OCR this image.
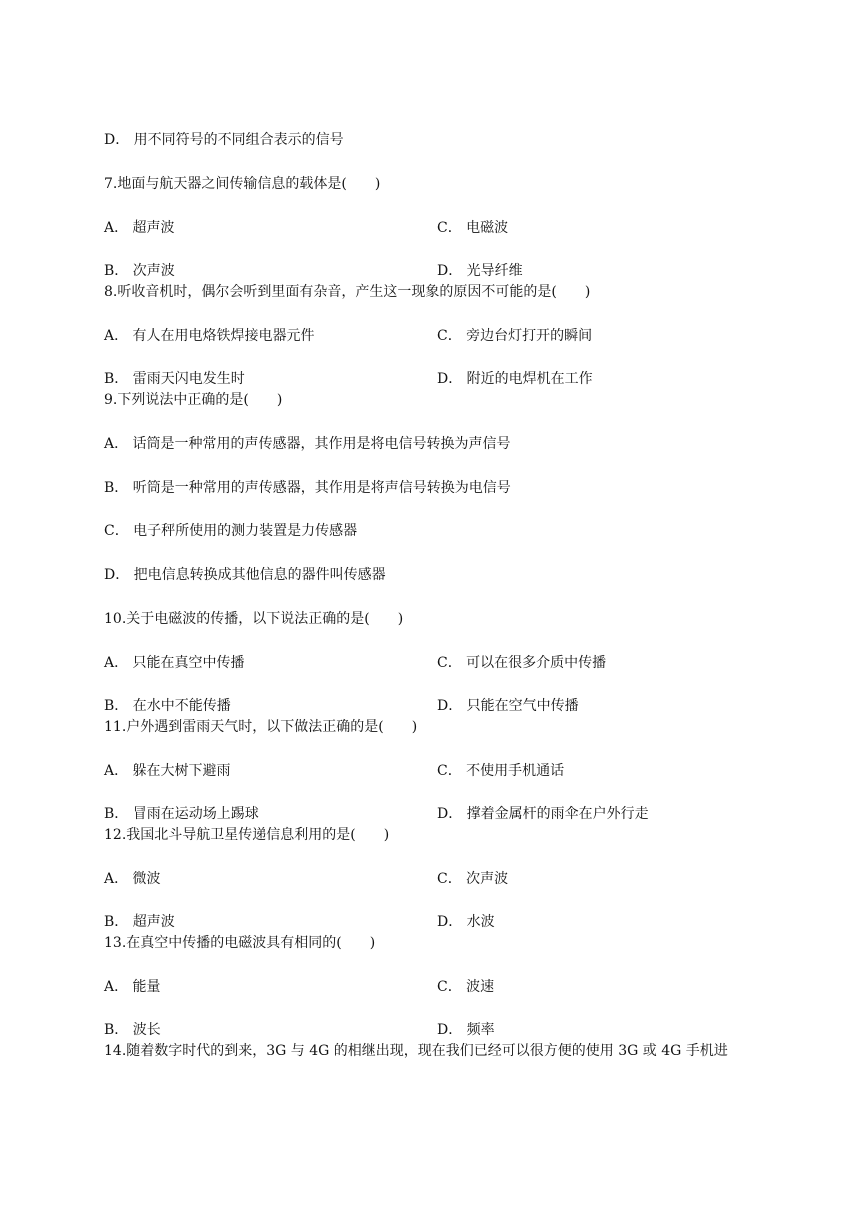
D． 用不同符号的不同组合表示的信号
7.地面与航天器之间传输信息的载体是(　　)
A． 超声波	C． 电磁波
B． 次声波	D． 光导纤维
8.听收音机时，偶尔会听到里面有杂音，产生这一现象的原因不可能的是(　　)
A． 有人在用电烙铁焊接电器元件	C． 旁边台灯打开的瞬间
B． 雷雨天闪电发生时	D． 附近的电焊机在工作
9.下列说法中正确的是(　　)
A． 话筒是一种常用的声传感器，其作用是将电信号转换为声信号
B． 听筒是一种常用的声传感器，其作用是将声信号转换为电信号
C． 电子秤所使用的测力装置是力传感器
D． 把电信息转换成其他信息的器件叫传感器
10.关于电磁波的传播，以下说法正确的是(　　)
A． 只能在真空中传播	C． 可以在很多介质中传播
B． 在水中不能传播	D． 只能在空气中传播
11.户外遇到雷雨天气时，以下做法正确的是(　　)
A． 躲在大树下避雨	C． 不使用手机通话
B． 冒雨在运动场上踢球	D． 撑着金属杆的雨伞在户外行走
12.我国北斗导航卫星传递信息利用的是(　　)
A． 微波	C． 次声波
B． 超声波	D． 水波
13.在真空中传播的电磁波具有相同的(　　)
A． 能量	C． 波速
B． 波长	D． 频率
14.随着数字时代的到来，3G 与 4G 的相继出现，现在我们已经可以很方便的使用 3G 或 4G 手机进
